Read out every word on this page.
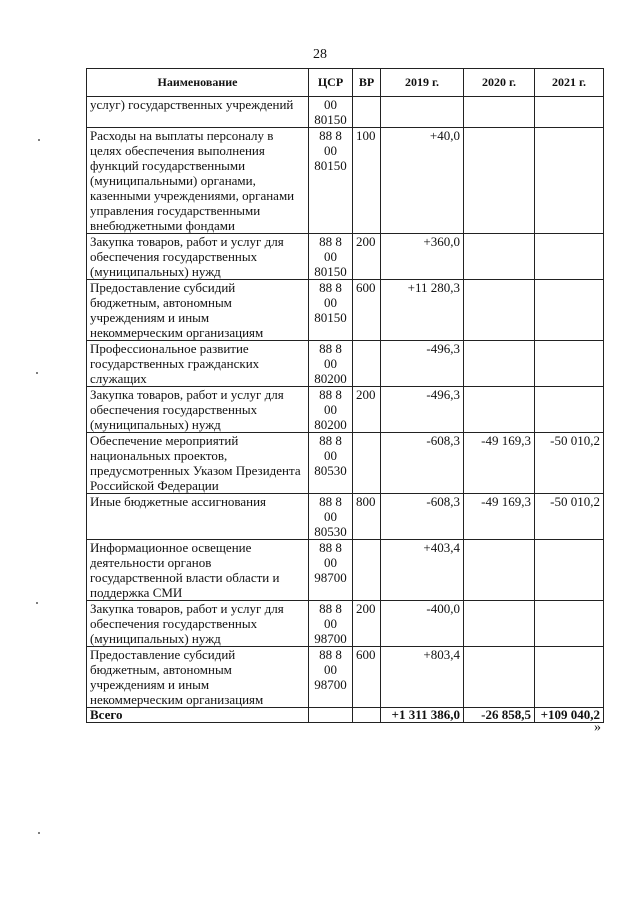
28
Наименование	ЦСР	ВР	2019 г.	2020 г.	2021 г.
услуг) государственных учреждений	00 80150				
Расходы на выплаты персоналу в целях обеспечения выполнения функций государственными (муниципальными) органами, казенными учреждениями, органами управления государственными внебюджетными фондами	88 8 00 80150	100	+40,0		
Закупка товаров, работ и услуг для обеспечения государственных (муниципальных) нужд	88 8 00 80150	200	+360,0		
Предоставление субсидий бюджетным, автономным учреждениям и иным некоммерческим организациям	88 8 00 80150	600	+11 280,3		
Профессиональное развитие государственных гражданских служащих	88 8 00 80200		-496,3		
Закупка товаров, работ и услуг для обеспечения государственных (муниципальных) нужд	88 8 00 80200	200	-496,3		
Обеспечение мероприятий национальных проектов, предусмотренных Указом Президента Российской Федерации	88 8 00 80530		-608,3	-49 169,3	-50 010,2
Иные бюджетные ассигнования	88 8 00 80530	800	-608,3	-49 169,3	-50 010,2
Информационное освещение деятельности органов государственной власти области и поддержка СМИ	88 8 00 98700		+403,4		
Закупка товаров, работ и услуг для обеспечения государственных (муниципальных) нужд	88 8 00 98700	200	-400,0		
Предоставление субсидий бюджетным, автономным учреждениям и иным некоммерческим организациям	88 8 00 98700	600	+803,4		
Всего			+1 311 386,0	-26 858,5	+109 040,2
»
